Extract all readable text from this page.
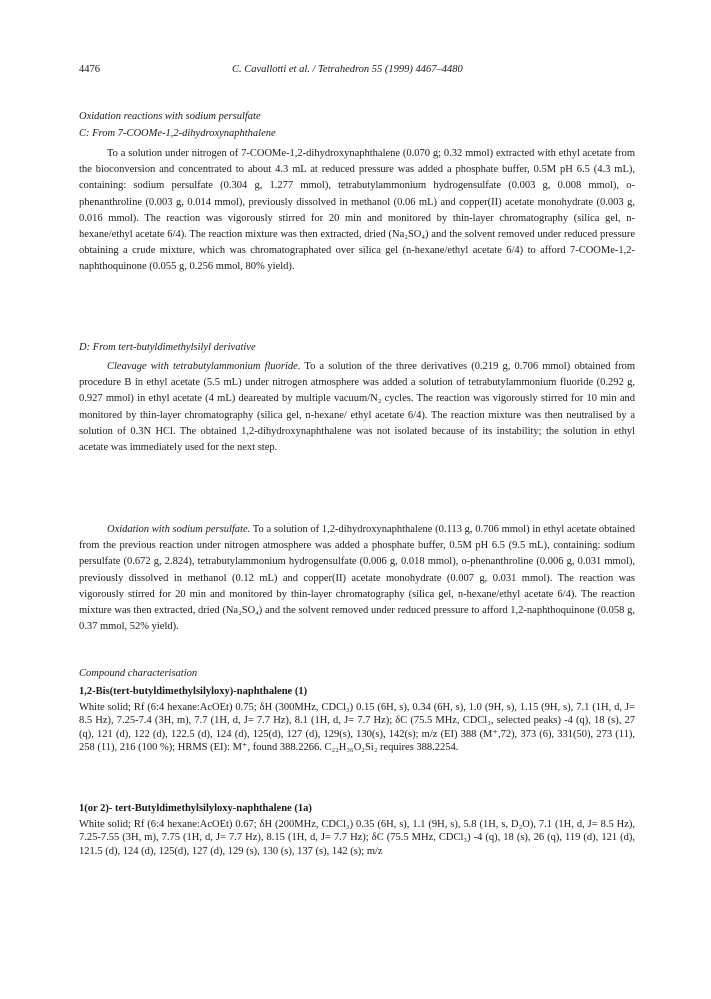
4476	C. Cavallotti et al. / Tetrahedron 55 (1999) 4467–4480
Oxidation reactions with sodium persulfate
C: From 7-COOMe-1,2-dihydroxynaphthalene

To a solution under nitrogen of 7-COOMe-1,2-dihydroxynaphthalene (0.070 g; 0.32 mmol) extracted with ethyl acetate from the bioconversion and concentrated to about 4.3 mL at reduced pressure was added a phosphate buffer, 0.5M pH 6.5 (4.3 mL), containing: sodium persulfate (0.304 g, 1.277 mmol), tetrabutylammonium hydrogensulfate (0.003 g, 0.008 mmol), o-phenanthroline (0.003 g, 0.014 mmol), previously dissolved in methanol (0.06 mL) and copper(II) acetate monohydrate (0.003 g, 0.016 mmol). The reaction was vigorously stirred for 20 min and monitored by thin-layer chromatography (silica gel, n-hexane/ethyl acetate 6/4). The reaction mixture was then extracted, dried (Na₂SO₄) and the solvent removed under reduced pressure obtaining a crude mixture, which was chromatographated over silica gel (n-hexane/ethyl acetate 6/4) to afford 7-COOMe-1,2-naphthoquinone (0.055 g, 0.256 mmol, 80% yield).

D: From tert-butyldimethylsilyl derivative

Cleavage with tetrabutylammonium fluoride. To a solution of the three derivatives (0.219 g, 0.706 mmol) obtained from procedure B in ethyl acetate (5.5 mL) under nitrogen atmosphere was added a solution of tetrabutylammonium fluoride (0.292 g, 0.927 mmol) in ethyl acetate (4 mL) deareated by multiple vacuum/N₂ cycles. The reaction was vigorously stirred for 10 min and monitored by thin-layer chromatography (silica gel, n-hexane/ ethyl acetate 6/4). The reaction mixture was then neutralised by a solution of 0.3N HCl. The obtained 1,2-dihydroxynaphthalene was not isolated because of its instability; the solution in ethyl acetate was immediately used for the next step.

Oxidation with sodium persulfate. To a solution of 1,2-dihydroxynaphthalene (0.113 g, 0.706 mmol) in ethyl acetate obtained from the previous reaction under nitrogen atmosphere was added a phosphate buffer, 0.5M pH 6.5 (9.5 mL), containing: sodium persulfate (0.672 g, 2.824), tetrabutylammonium hydrogensulfate (0.006 g, 0.018 mmol), o-phenanthroline (0.006 g, 0.031 mmol), previously dissolved in methanol (0.12 mL) and copper(II) acetate monohydrate (0.007 g, 0.031 mmol). The reaction was vigorously stirred for 20 min and monitored by thin-layer chromatography (silica gel, n-hexane/ethyl acetate 6/4). The reaction mixture was then extracted, dried (Na₂SO₄) and the solvent removed under reduced pressure to afford 1,2-naphthoquinone (0.058 g, 0.37 mmol, 52% yield).

Compound characterisation
1,2-Bis(tert-butyldimethylsilyloxy)-naphthalene (1)

White solid; Rf (6:4 hexane:AcOEt) 0.75; δH (300MHz, CDCl₃) 0.15 (6H, s), 0.34 (6H, s), 1.0 (9H, s), 1.15 (9H, s), 7.1 (1H, d, J= 8.5 Hz), 7.25-7.4 (3H, m), 7.7 (1H, d, J= 7.7 Hz), 8.1 (1H, d, J= 7.7 Hz); δC (75.5 MHz, CDCl₃, selected peaks) -4 (q), 18 (s), 27 (q), 121 (d), 122 (d), 122.5 (d), 124 (d), 125(d), 127 (d), 129(s), 130(s), 142(s); m/z (EI) 388 (M⁺,72), 373 (6), 331(50), 273 (11), 258 (11), 216 (100 %); HRMS (EI): M⁺, found 388.2266. C₂₂H₃₆O₂Si₂ requires 388.2254.

1(or 2)- tert-Butyldimethylsilyloxy-naphthalene (1a)

White solid; Rf (6:4 hexane:AcOEt) 0.67; δH (200MHz, CDCl₃) 0.35 (6H, s), 1.1 (9H, s), 5.8 (1H, s, D₂O), 7.1 (1H, d, J= 8.5 Hz), 7.25-7.55 (3H, m), 7.75 (1H, d, J= 7.7 Hz), 8.15 (1H, d, J= 7.7 Hz); δC (75.5 MHz, CDCl₃) -4 (q), 18 (s), 26 (q), 119 (d), 121 (d), 121.5 (d), 124 (d), 125(d), 127 (d), 129 (s), 130 (s), 137 (s), 142 (s); m/z
